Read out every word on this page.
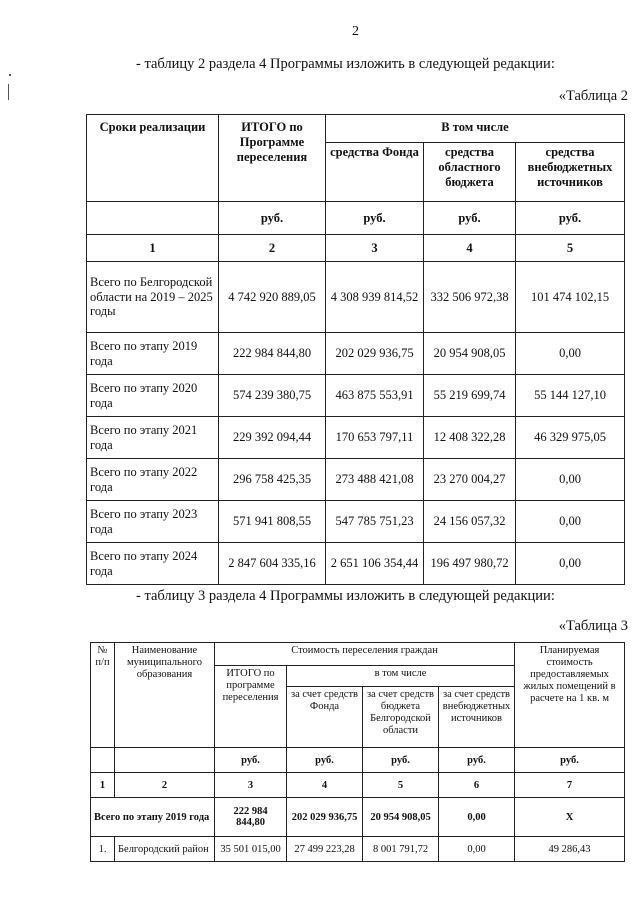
2
- таблицу 2 раздела 4 Программы изложить в следующей редакции:
«Таблица 2
Сроки реализации	ИТОГО по Программе переселения	В том числе		
		средства Фонда	средства областного бюджета	средства внебюджетных источников
	руб.	руб.	руб.	руб.
1	2	3	4	5
Всего по Белгородской области на 2019 – 2025 годы	4 742 920 889,05	4 308 939 814,52	332 506 972,38	101 474 102,15
Всего по этапу 2019 года	222 984 844,80	202 029 936,75	20 954 908,05	0,00
Всего по этапу 2020 года	574 239 380,75	463 875 553,91	55 219 699,74	55 144 127,10
Всего по этапу 2021 года	229 392 094,44	170 653 797,11	12 408 322,28	46 329 975,05
Всего по этапу 2022 года	296 758 425,35	273 488 421,08	23 270 004,27	0,00
Всего по этапу 2023 года	571 941 808,55	547 785 751,23	24 156 057,32	0,00
Всего по этапу 2024 года	2 847 604 335,16	2 651 106 354,44	196 497 980,72	0,00
- таблицу 3 раздела 4 Программы изложить в следующей редакции:
«Таблица 3
№ п/п	Наименование муниципального образования	Стоимость переселения граждан				Планируемая стоимость предоставляемых жилых помещений в расчете на 1 кв. м
		ИТОГО по программе переселения	в том числе			
			за счет средств Фонда	за счет средств бюджета Белгородской области	за счет средств внебюджетных источников	
		руб.	руб.	руб.	руб.	руб.
1	2	3	4	5	6	7
Всего по этапу 2019 года		222 984 844,80	202 029 936,75	20 954 908,05	0,00	Х
1.	Белгородский район	35 501 015,00	27 499 223,28	8 001 791,72	0,00	49 286,43
